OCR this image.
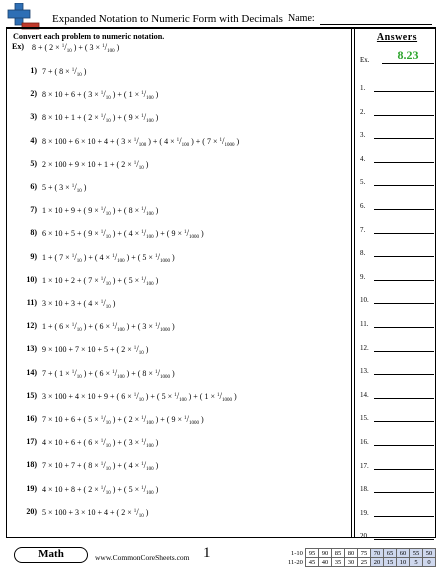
Expanded Notation to Numeric Form with Decimals Name:
Convert each problem to numeric notation.
Ex) 8 + ( $2 \times ^1/_{10}$ ) + ( $3 \times ^1/_{100}$ )
1) 7 + ( $8 \times ^1/_{10}$ )
2) 8 × 10 + 6 + ( $3 \times ^1/_{10}$ ) + ( $1 \times ^1/_{100}$ )
3) 8 × 10 + 1 + ( $2 \times ^1/_{10}$ ) + ( $9 \times ^1/_{100}$ )
4) 8 × 100 + 6 × 10 + 4 + ( $3 \times ^1/_{100}$ ) + ( $4 \times ^1/_{100}$ ) + ( $7 \times ^1/_{1000}$ )
5) 2 × 100 + 9 × 10 + 1 + ( $2 \times ^1/_{10}$ )
6) 5 + ( $3 \times ^1/_{10}$ )
7) 1 × 10 + 9 + ( $9 \times ^1/_{10}$ ) + ( $8 \times ^1/_{100}$ )
8) 6 × 10 + 5 + ( $9 \times ^1/_{10}$ ) + ( $4 \times ^1/_{100}$ ) + ( $9 \times ^1/_{1000}$ )
9) 1 + ( $7 \times ^1/_{10}$ ) + ( $4 \times ^1/_{100}$ ) + ( $5 \times ^1/_{1000}$ )
10) 1 × 10 + 2 + ( $7 \times ^1/_{10}$ ) + ( $5 \times ^1/_{100}$ )
11) 3 × 10 + 3 + ( $4 \times ^1/_{10}$ )
12) 1 + ( $6 \times ^1/_{10}$ ) + ( $6 \times ^1/_{100}$ ) + ( $3 \times ^1/_{1000}$ )
13) 9 × 100 + 7 × 10 + 5 + ( $2 \times ^1/_{10}$ )
14) 7 + ( $1 \times ^1/_{10}$ ) + ( $6 \times ^1/_{100}$ ) + ( $8 \times ^1/_{1000}$ )
15) 3 × 100 + 4 × 10 + 9 + ( $6 \times ^1/_{10}$ ) + ( $5 \times ^1/_{100}$ ) + ( $1 \times ^1/_{1000}$ )
16) 7 × 10 + 6 + ( $5 \times ^1/_{10}$ ) + ( $2 \times ^1/_{100}$ ) + ( $9 \times ^1/_{1000}$ )
17) 4 × 10 + 6 + ( $6 \times ^1/_{10}$ ) + ( $3 \times ^1/_{100}$ )
18) 7 × 10 + 7 + ( $8 \times ^1/_{10}$ ) + ( $4 \times ^1/_{100}$ )
19) 4 × 10 + 8 + ( $2 \times ^1/_{10}$ ) + ( $5 \times ^1/_{100}$ )
20) 5 × 100 + 3 × 10 + 4 + ( $2 \times ^1/_{10}$ )
Answers
Ex.	8.23
1.
2.
3.
4.
5.
6.
7.
8.
9.
10.
11.
12.
13.
14.
15.
16.
17.
18.
19.
20.
Math	www.CommonCoreSheets.com 1	1-10	95	90	85	80	75	70	65	60	55	50
11-20	45	40	35	30	25	20	15	10	5	0
